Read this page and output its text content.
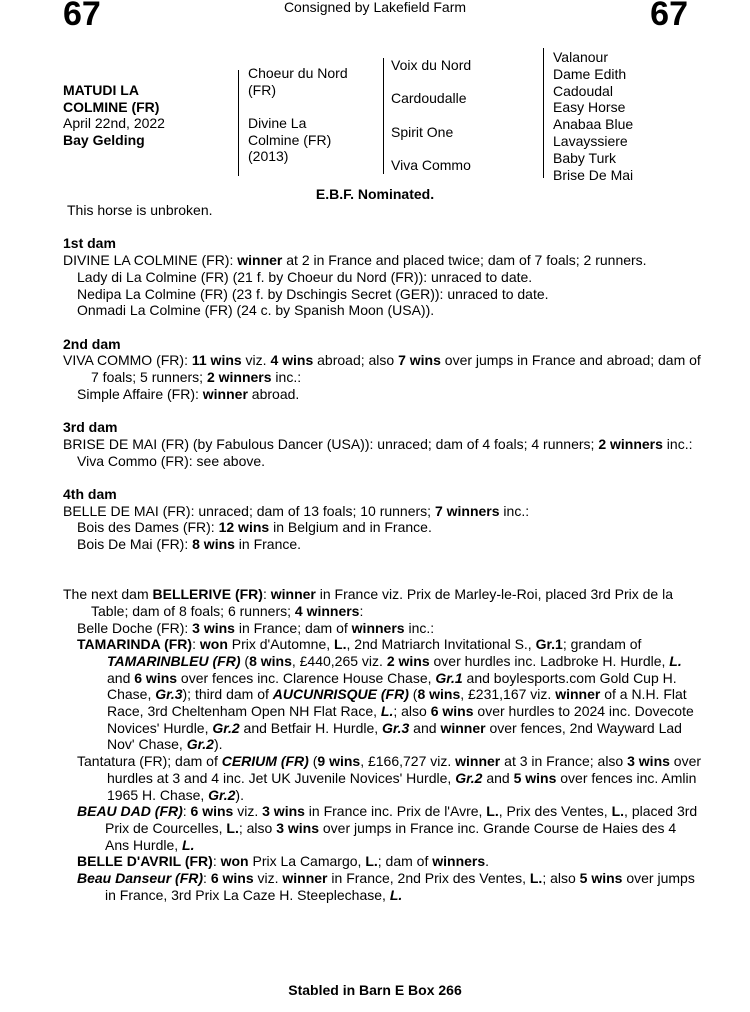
67	Consigned by Lakefield Farm	67
MATUDI LA
COLMINE (FR)
April 22nd, 2022
Bay Gelding
Choeur du Nord
(FR)
Divine La
Colmine (FR)
(2013)
Voix du Nord
Cardoudalle
Spirit One
Viva Commo
Valanour
Dame Edith
Cadoudal
Easy Horse
Anabaa Blue
Lavayssiere
Baby Turk
Brise De Mai
E.B.F. Nominated.
This horse is unbroken.
1st dam
DIVINE LA COLMINE (FR): winner at 2 in France and placed twice; dam of 7 foals; 2 runners.
Lady di La Colmine (FR) (21 f. by Choeur du Nord (FR)): unraced to date.
Nedipa La Colmine (FR) (23 f. by Dschingis Secret (GER)): unraced to date.
Onmadi La Colmine (FR) (24 c. by Spanish Moon (USA)).
2nd dam
VIVA COMMO (FR): 11 wins viz. 4 wins abroad; also 7 wins over jumps in France and abroad; dam of 7 foals; 5 runners; 2 winners inc.:
Simple Affaire (FR): winner abroad.
3rd dam
BRISE DE MAI (FR) (by Fabulous Dancer (USA)): unraced; dam of 4 foals; 4 runners; 2 winners inc.:
Viva Commo (FR): see above.
4th dam
BELLE DE MAI (FR): unraced; dam of 13 foals; 10 runners; 7 winners inc.:
Bois des Dames (FR): 12 wins in Belgium and in France.
Bois De Mai (FR): 8 wins in France.

The next dam BELLERIVE (FR): winner in France viz. Prix de Marley-le-Roi, placed 3rd Prix de la Table; dam of 8 foals; 6 runners; 4 winners:
Belle Doche (FR): 3 wins in France; dam of winners inc.:
TAMARINDA (FR): won Prix d'Automne, L., 2nd Matriarch Invitational S., Gr.1; grandam of TAMARINBLEU (FR) (8 wins, £440,265 viz. 2 wins over hurdles inc. Ladbroke H. Hurdle, L. and 6 wins over fences inc. Clarence House Chase, Gr.1 and boylesports.com Gold Cup H. Chase, Gr.3); third dam of AUCUNRISQUE (FR) (8 wins, £231,167 viz. winner of a N.H. Flat Race, 3rd Cheltenham Open NH Flat Race, L.; also 6 wins over hurdles to 2024 inc. Dovecote Novices' Hurdle, Gr.2 and Betfair H. Hurdle, Gr.3 and winner over fences, 2nd Wayward Lad Nov' Chase, Gr.2).
Tantatura (FR); dam of CERIUM (FR) (9 wins, £166,727 viz. winner at 3 in France; also 3 wins over hurdles at 3 and 4 inc. Jet UK Juvenile Novices' Hurdle, Gr.2 and 5 wins over fences inc. Amlin 1965 H. Chase, Gr.2).
BEAU DAD (FR): 6 wins viz. 3 wins in France inc. Prix de l'Avre, L., Prix des Ventes, L., placed 3rd Prix de Courcelles, L.; also 3 wins over jumps in France inc. Grande Course de Haies des 4 Ans Hurdle, L.
BELLE D'AVRIL (FR): won Prix La Camargo, L.; dam of winners.
Beau Danseur (FR): 6 wins viz. winner in France, 2nd Prix des Ventes, L.; also 5 wins over jumps in France, 3rd Prix La Caze H. Steeplechase, L.
Stabled in Barn E Box 266
